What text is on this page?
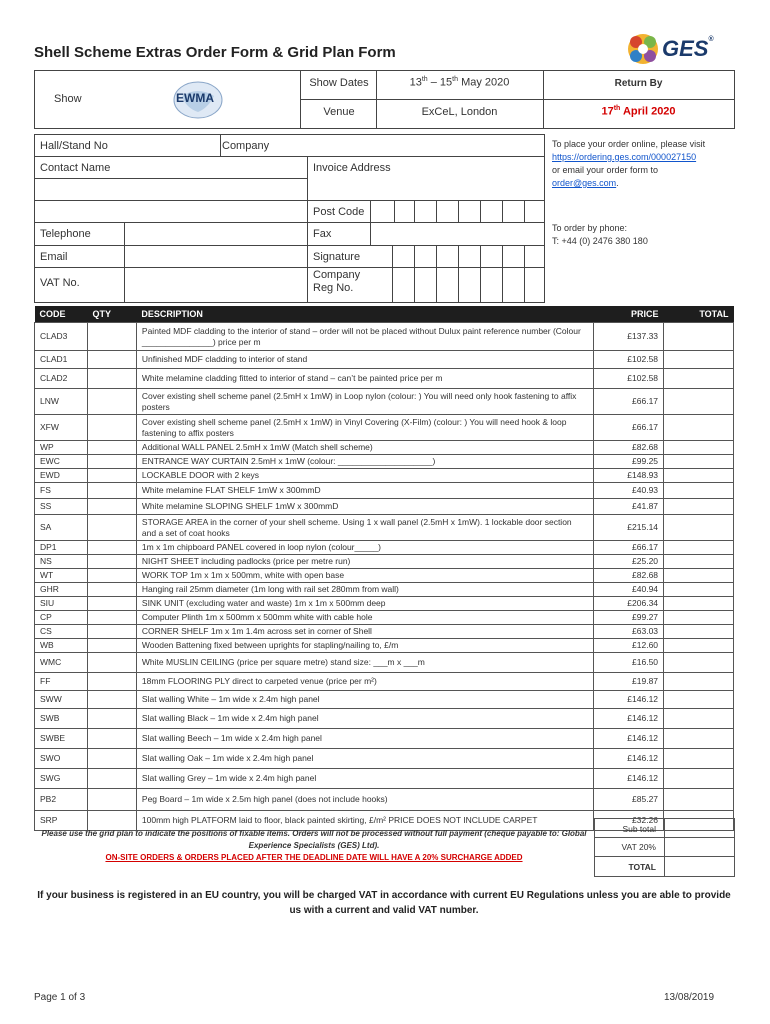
Shell Scheme Extras Order Form & Grid Plan Form	GES®
Show	EWMA
Show Dates	13th – 15th May 2020
Venue	ExCeL, London
Return By
17th April 2020
Hall/Stand No	Company
Contact Name	Invoice Address
Post Code
Telephone	Fax
Email	Signature
VAT No.
Company
Reg No.
To place your order online, please visit
https://ordering.ges.com/000027150
or email your order form to
order@ges.com.
To order by phone:
T: +44 (0) 2476 380 180
CODE	QTY	DESCRIPTION	PRICE	TOTAL
CLAD3		Painted MDF cladding to the interior of stand – order will not be placed without Dulux paint reference number (Colour _______________) price per m	£137.33	
CLAD1		Unfinished MDF cladding to interior of stand	£102.58	
CLAD2		White melamine cladding fitted to interior of stand – can’t be painted price per m	£102.58	
LNW		Cover existing shell scheme panel (2.5mH x 1mW) in Loop nylon (colour: ) You will need only hook fastening to affix posters	£66.17	
XFW		Cover existing shell scheme panel (2.5mH x 1mW) in Vinyl Covering (X-Film) (colour: ) You will need hook & loop fastening to affix posters	£66.17	
WP		Additional WALL PANEL 2.5mH x 1mW (Match shell scheme)	£82.68	
EWC		ENTRANCE WAY CURTAIN 2.5mH x 1mW (colour: ____________________)	£99.25	
EWD		LOCKABLE DOOR with 2 keys	£148.93	
FS		White melamine FLAT SHELF 1mW x 300mmD	£40.93	
SS		White melamine SLOPING SHELF 1mW x 300mmD	£41.87	
SA		STORAGE AREA in the corner of your shell scheme. Using 1 x wall panel (2.5mH x 1mW). 1 lockable door section and a set of coat hooks	£215.14	
DP1		1m x 1m chipboard PANEL covered in loop nylon (colour_____)	£66.17	
NS		NIGHT SHEET including padlocks (price per metre run)	£25.20	
WT		WORK TOP 1m x 1m x 500mm, white with open base	£82.68	
GHR		Hanging rail 25mm diameter (1m long with rail set 280mm from wall)	£40.94	
SIU		SINK UNIT (excluding water and waste) 1m x 1m x 500mm deep	£206.34	
CP		Computer Plinth 1m x 500mm x 500mm white with cable hole	£99.27	
CS		CORNER SHELF 1m x 1m 1.4m across set in corner of Shell	£63.03	
WB		Wooden Battening fixed between uprights for stapling/nailing to, £/m	£12.60	
WMC		White MUSLIN CEILING (price per square metre) stand size: ___m x ___m	£16.50	
FF		18mm FLOORING PLY direct to carpeted venue (price per m²)	£19.87	
SWW		Slat walling White – 1m wide x 2.4m high panel	£146.12	
SWB		Slat walling Black – 1m wide x 2.4m high panel	£146.12	
SWBE		Slat walling Beech – 1m wide x 2.4m high panel	£146.12	
SWO		Slat walling Oak – 1m wide x 2.4m high panel	£146.12	
SWG		Slat walling Grey – 1m wide x 2.4m high panel	£146.12	
PB2		Peg Board – 1m wide x 2.5m high panel (does not include hooks)	£85.27	
SRP		100mm high PLATFORM laid to floor, black painted skirting, £/m² PRICE DOES NOT INCLUDE CARPET	£32.26	
Sub total
VAT 20%
TOTAL
Please use the grid plan to indicate the positions of fixable items. Orders will not be processed without full payment (cheque payable to: Global Experience Specialists (GES) Ltd).
ON-SITE ORDERS & ORDERS PLACED AFTER THE DEADLINE DATE WILL HAVE A 20% SURCHARGE ADDED
If your business is registered in an EU country, you will be charged VAT in accordance with current EU Regulations unless you are able to provide us with a current and valid VAT number.
Page 1 of 3	13/08/2019
